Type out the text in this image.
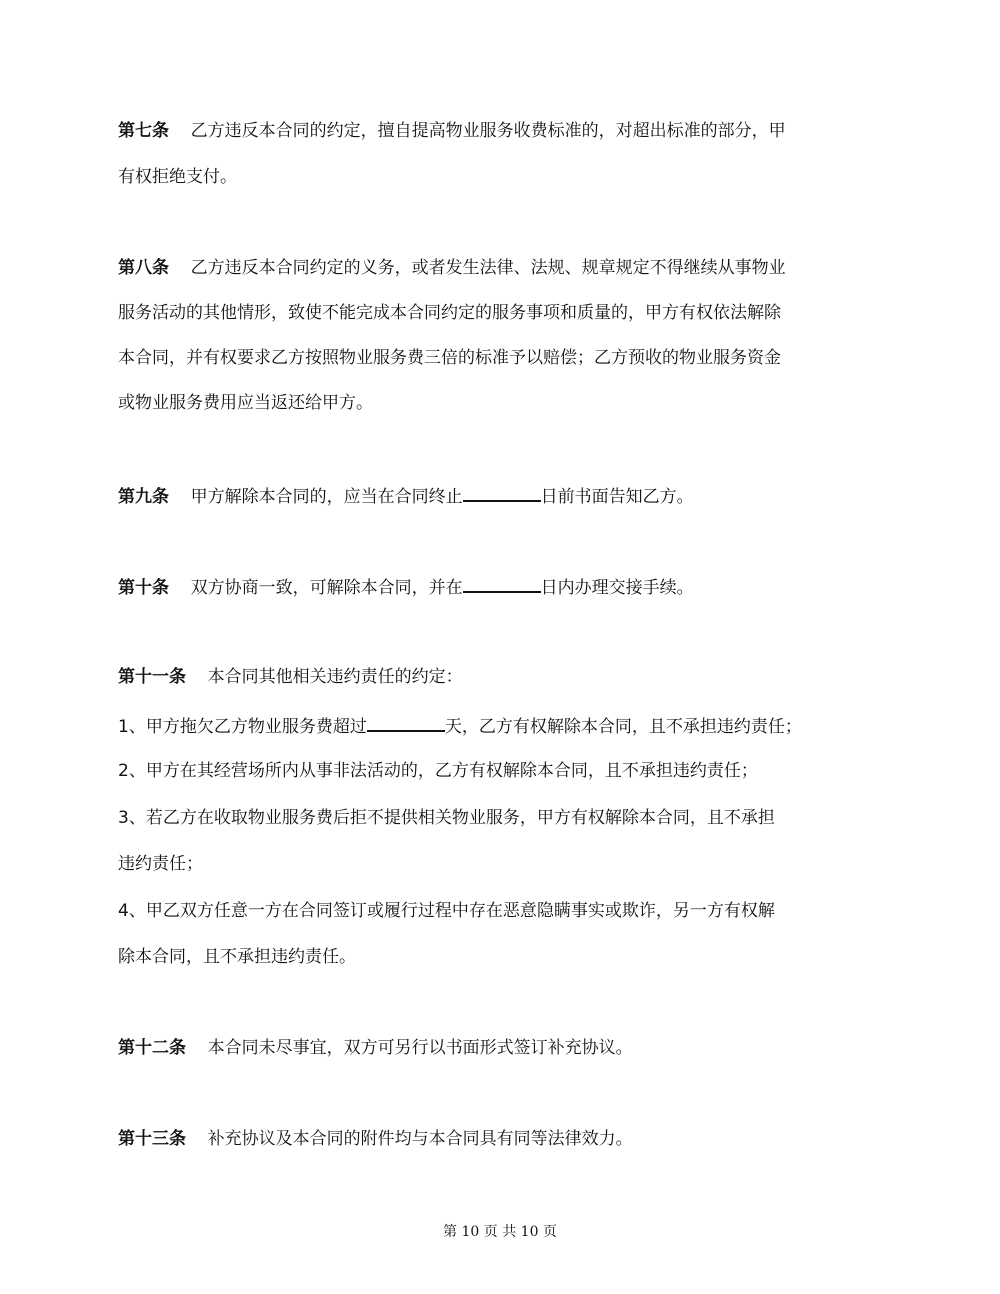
第七条 乙方违反本合同的约定，擅自提高物业服务收费标准的，对超出标准的部分，甲
有权拒绝支付。
第八条 乙方违反本合同约定的义务，或者发生法律、法规、规章规定不得继续从事物业
服务活动的其他情形，致使不能完成本合同约定的服务事项和质量的，甲方有权依法解除
本合同，并有权要求乙方按照物业服务费三倍的标准予以赔偿；乙方预收的物业服务资金
或物业服务费用应当返还给甲方。
第九条 甲方解除本合同的，应当在合同终止	日前书面告知乙方。
第十条 双方协商一致，可解除本合同，并在	日内办理交接手续。
第十一条 本合同其他相关违约责任的约定：
1、甲方拖欠乙方物业服务费超过	天，乙方有权解除本合同，且不承担违约责任；
2、甲方在其经营场所内从事非法活动的，乙方有权解除本合同，且不承担违约责任；
3、若乙方在收取物业服务费后拒不提供相关物业服务，甲方有权解除本合同，且不承担
违约责任；
4、甲乙双方任意一方在合同签订或履行过程中存在恶意隐瞒事实或欺诈，另一方有权解
除本合同，且不承担违约责任。
第十二条 本合同未尽事宜，双方可另行以书面形式签订补充协议。
第十三条 补充协议及本合同的附件均与本合同具有同等法律效力。
第 10 页 共 10 页
